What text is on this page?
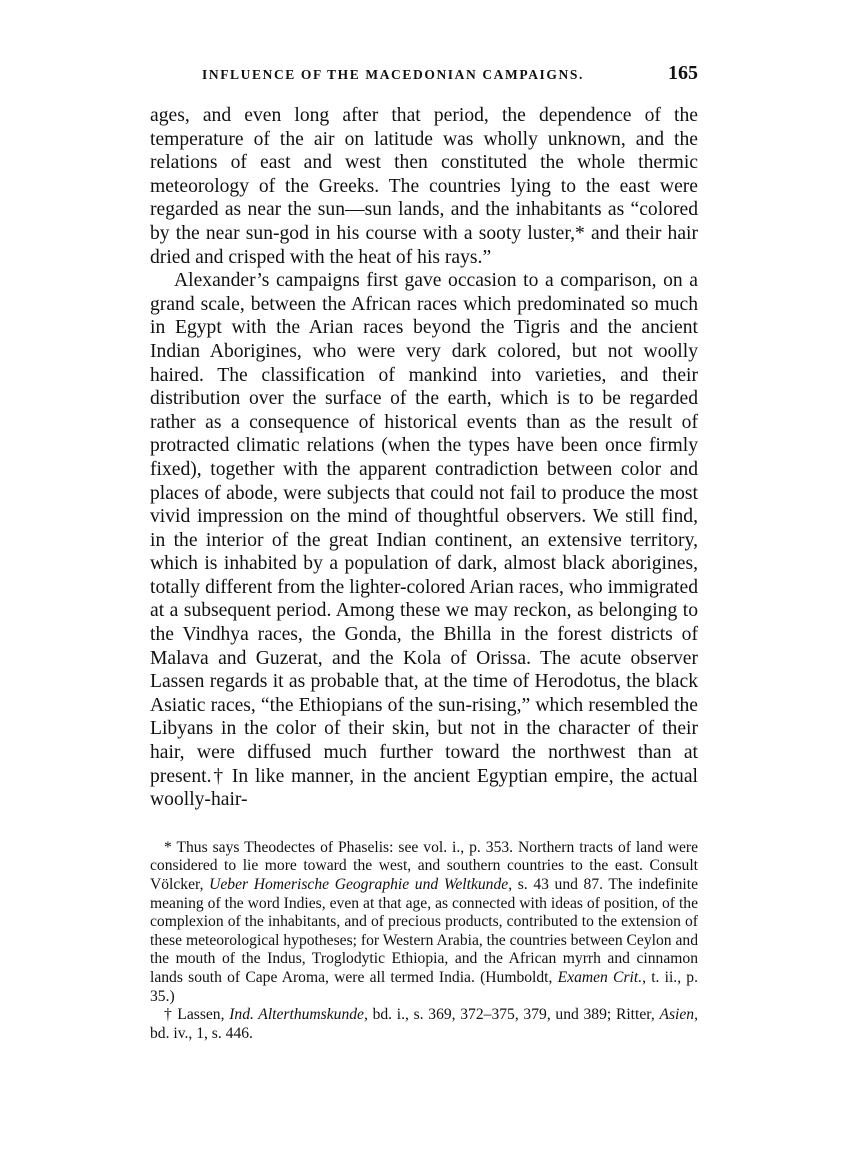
INFLUENCE OF THE MACEDONIAN CAMPAIGNS.	165

ages, and even long after that period, the dependence of the temperature of the air on latitude was wholly unknown, and the relations of east and west then constituted the whole thermic meteorology of the Greeks. The countries lying to the east were regarded as near the sun—sun lands, and the inhabitants as “colored by the near sun-god in his course with a sooty luster,* and their hair dried and crisped with the heat of his rays.”

Alexander’s campaigns first gave occasion to a comparison, on a grand scale, between the African races which predominated so much in Egypt with the Arian races beyond the Tigris and the ancient Indian Aborigines, who were very dark colored, but not woolly haired. The classification of mankind into varieties, and their distribution over the surface of the earth, which is to be regarded rather as a consequence of historical events than as the result of protracted climatic relations (when the types have been once firmly fixed), together with the apparent contradiction between color and places of abode, were subjects that could not fail to produce the most vivid impression on the mind of thoughtful observers. We still find, in the interior of the great Indian continent, an extensive territory, which is inhabited by a population of dark, almost black aborigines, totally different from the lighter-colored Arian races, who immigrated at a subsequent period. Among these we may reckon, as belonging to the Vindhya races, the Gonda, the Bhilla in the forest districts of Malava and Guzerat, and the Kola of Orissa. The acute observer Lassen regards it as probable that, at the time of Herodotus, the black Asiatic races, “the Ethiopians of the sun-rising,” which resembled the Libyans in the color of their skin, but not in the character of their hair, were diffused much further toward the northwest than at present.† In like manner, in the ancient Egyptian empire, the actual woolly-hair-

* Thus says Theodectes of Phaselis: see vol. i., p. 353. Northern tracts of land were considered to lie more toward the west, and southern countries to the east. Consult Völcker, Ueber Homerische Geographie und Weltkunde, s. 43 und 87. The indefinite meaning of the word Indies, even at that age, as connected with ideas of position, of the complexion of the inhabitants, and of precious products, contributed to the extension of these meteorological hypotheses; for Western Arabia, the countries between Ceylon and the mouth of the Indus, Troglodytic Ethiopia, and the African myrrh and cinnamon lands south of Cape Aroma, were all termed India. (Humboldt, Examen Crit., t. ii., p. 35.)

† Lassen, Ind. Alterthumskunde, bd. i., s. 369, 372–375, 379, und 389; Ritter, Asien, bd. iv., 1, s. 446.
